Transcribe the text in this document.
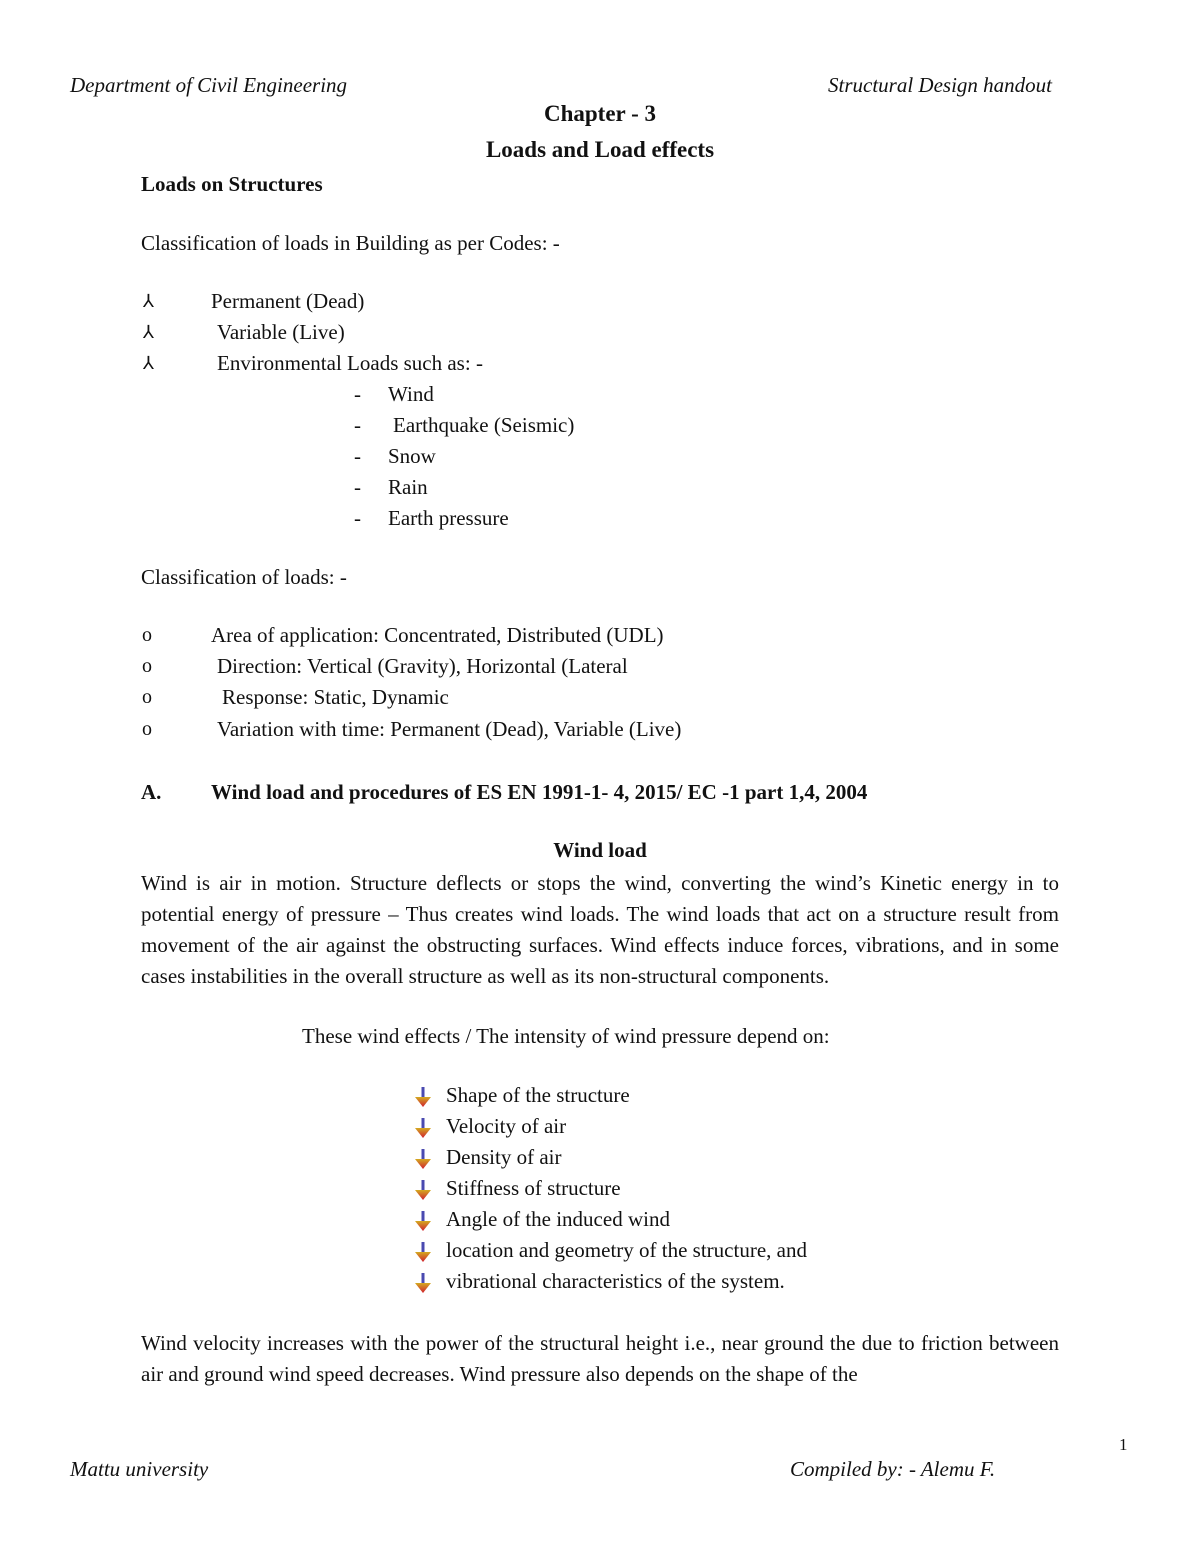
Department of Civil Engineering	Structural Design handout
Chapter - 3
Loads and Load effects
Loads on Structures
Classification of loads in Building as per Codes: -
⅄	Permanent (Dead)
⅄	Variable (Live)
⅄	Environmental Loads such as: -
- Wind
- Earthquake (Seismic)
- Snow
- Rain
- Earth pressure
Classification of loads: -
o	Area of application: Concentrated, Distributed (UDL)
o	Direction: Vertical (Gravity), Horizontal (Lateral
o	Response: Static, Dynamic
o	Variation with time: Permanent (Dead), Variable (Live)
A. Wind load and procedures of ES EN 1991-1- 4, 2015/ EC -1 part 1,4, 2004
Wind load
Wind is air in motion. Structure deflects or stops the wind, converting the wind’s Kinetic energy in to potential energy of pressure – Thus creates wind loads. The wind loads that act on a structure result from movement of the air against the obstructing surfaces. Wind effects induce forces, vibrations, and in some cases instabilities in the overall structure as well as its non-structural components.
These wind effects / The intensity of wind pressure depend on:
Shape of the structure
Velocity of air
Density of air
Stiffness of structure
Angle of the induced wind
location and geometry of the structure, and
vibrational characteristics of the system.
Wind velocity increases with the power of the structural height i.e., near ground the due to friction between air and ground wind speed decreases. Wind pressure also depends on the shape of the
1
Mattu university	Compiled by: - Alemu F.
